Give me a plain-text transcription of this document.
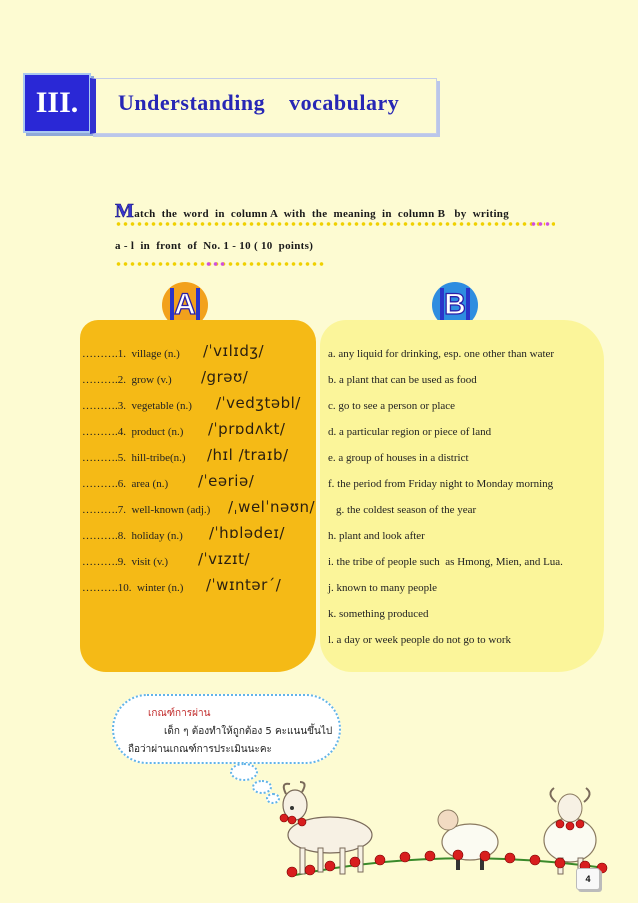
III.	Understanding    vocabulary
Match  the  word  in  column A  with  the  meaning  in  column B   by  writing
a - l  in  front  of  No. 1 - 10 ( 10  points)
A	B
……….1.  village (n.) /ˈvɪlɪdʒ/
……….2.  grow (v.) /grəʊ/
……….3.  vegetable (n.) /ˈvedʒtəbl/
……….4.  product (n.) /ˈprɒdʌkt/
……….5.  hill-tribe(n.) /hɪl /traɪb/
……….6.  area (n.) /ˈeəriə/
……….7.  well-known (adj.) /ˌwelˈnəʊn/
……….8.  holiday (n.) /ˈhɒlədeɪ/
……….9.  visit (v.) /ˈvɪzɪt/
……….10.  winter (n.) /ˈwɪntərˊ/
a. any liquid for drinking, esp. one other than water
b. a plant that can be used as food
c. go to see a person or place
d. a particular region or piece of land
e. a group of houses in a district
f. the period from Friday night to Monday morning
g. the coldest season of the year
h. plant and look after
i. the tribe of people such  as Hmong, Mien, and Lua.
j. known to many people
k. something produced
l. a day or week people do not go to work
เกณฑ์การผ่าน
เด็ก ๆ ต้องทำให้ถูกต้อง 5 คะแนนขึ้นไป
ถือว่าผ่านเกณฑ์การประเมินนะคะ
4
